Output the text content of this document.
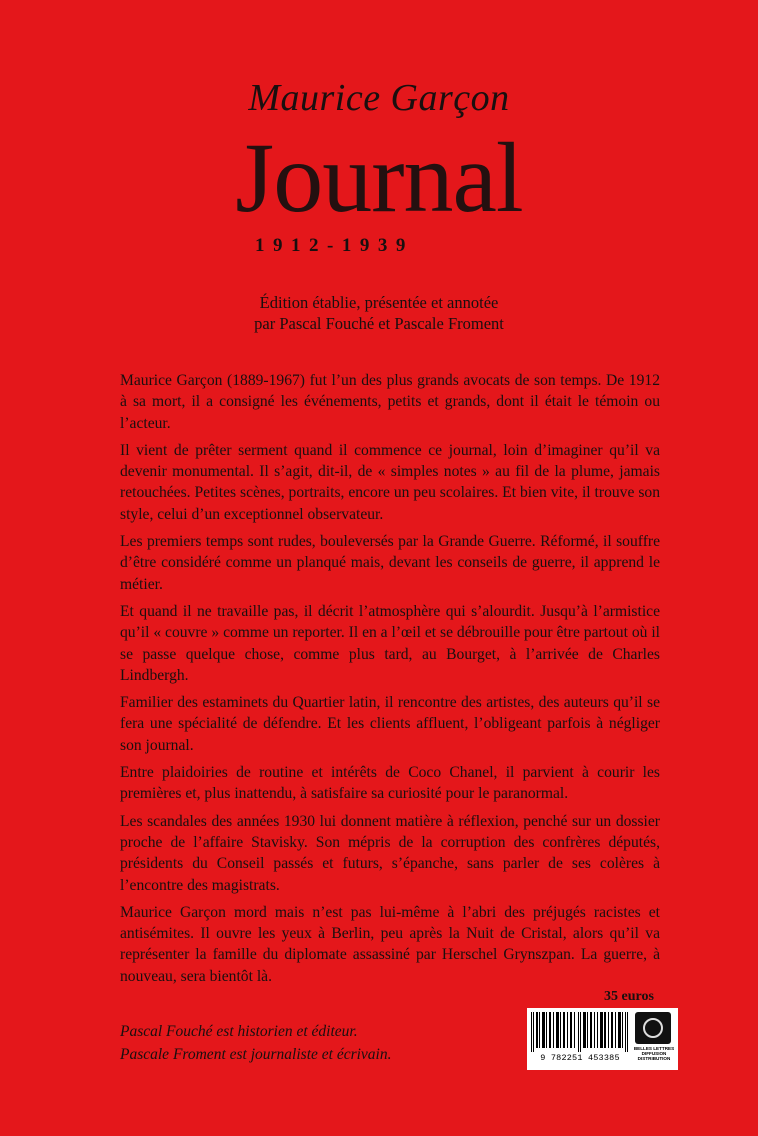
Maurice Garçon
Journal
1912-1939
Édition établie, présentée et annotée
par Pascal Fouché et Pascale Froment

Maurice Garçon (1889-1967) fut l’un des plus grands avocats de son temps. De 1912 à sa mort, il a consigné les événements, petits et grands, dont il était le témoin ou l’acteur.

Il vient de prêter serment quand il commence ce journal, loin d’imaginer qu’il va devenir monumental. Il s’agit, dit-il, de « simples notes » au fil de la plume, jamais retouchées. Petites scènes, portraits, encore un peu scolaires. Et bien vite, il trouve son style, celui d’un exceptionnel observateur.

Les premiers temps sont rudes, bouleversés par la Grande Guerre. Réformé, il souffre d’être considéré comme un planqué mais, devant les conseils de guerre, il apprend le métier.

Et quand il ne travaille pas, il décrit l’atmosphère qui s’alourdit. Jusqu’à l’armistice qu’il « couvre » comme un reporter. Il en a l’œil et se débrouille pour être partout où il se passe quelque chose, comme plus tard, au Bourget, à l’arrivée de Charles Lindbergh.

Familier des estaminets du Quartier latin, il rencontre des artistes, des auteurs qu’il se fera une spécialité de défendre. Et les clients affluent, l’obligeant parfois à négliger son journal.

Entre plaidoiries de routine et intérêts de Coco Chanel, il parvient à courir les premières et, plus inattendu, à satisfaire sa curiosité pour le paranormal.

Les scandales des années 1930 lui donnent matière à réflexion, penché sur un dossier proche de l’affaire Stavisky. Son mépris de la corruption des confrères députés, présidents du Conseil passés et futurs, s’épanche, sans parler de ses colères à l’encontre des magistrats.

Maurice Garçon mord mais n’est pas lui-même à l’abri des préjugés racistes et antisémites. Il ouvre les yeux à Berlin, peu après la Nuit de Cristal, alors qu’il va représenter la famille du diplomate assassiné par Herschel Grynszpan. La guerre, à nouveau, sera bientôt là.

35 euros
Pascal Fouché est historien et éditeur.
Pascale Froment est journaliste et écrivain.	9 782251 453385
BELLES LETTRES DIFFUSION DISTRIBUTION
